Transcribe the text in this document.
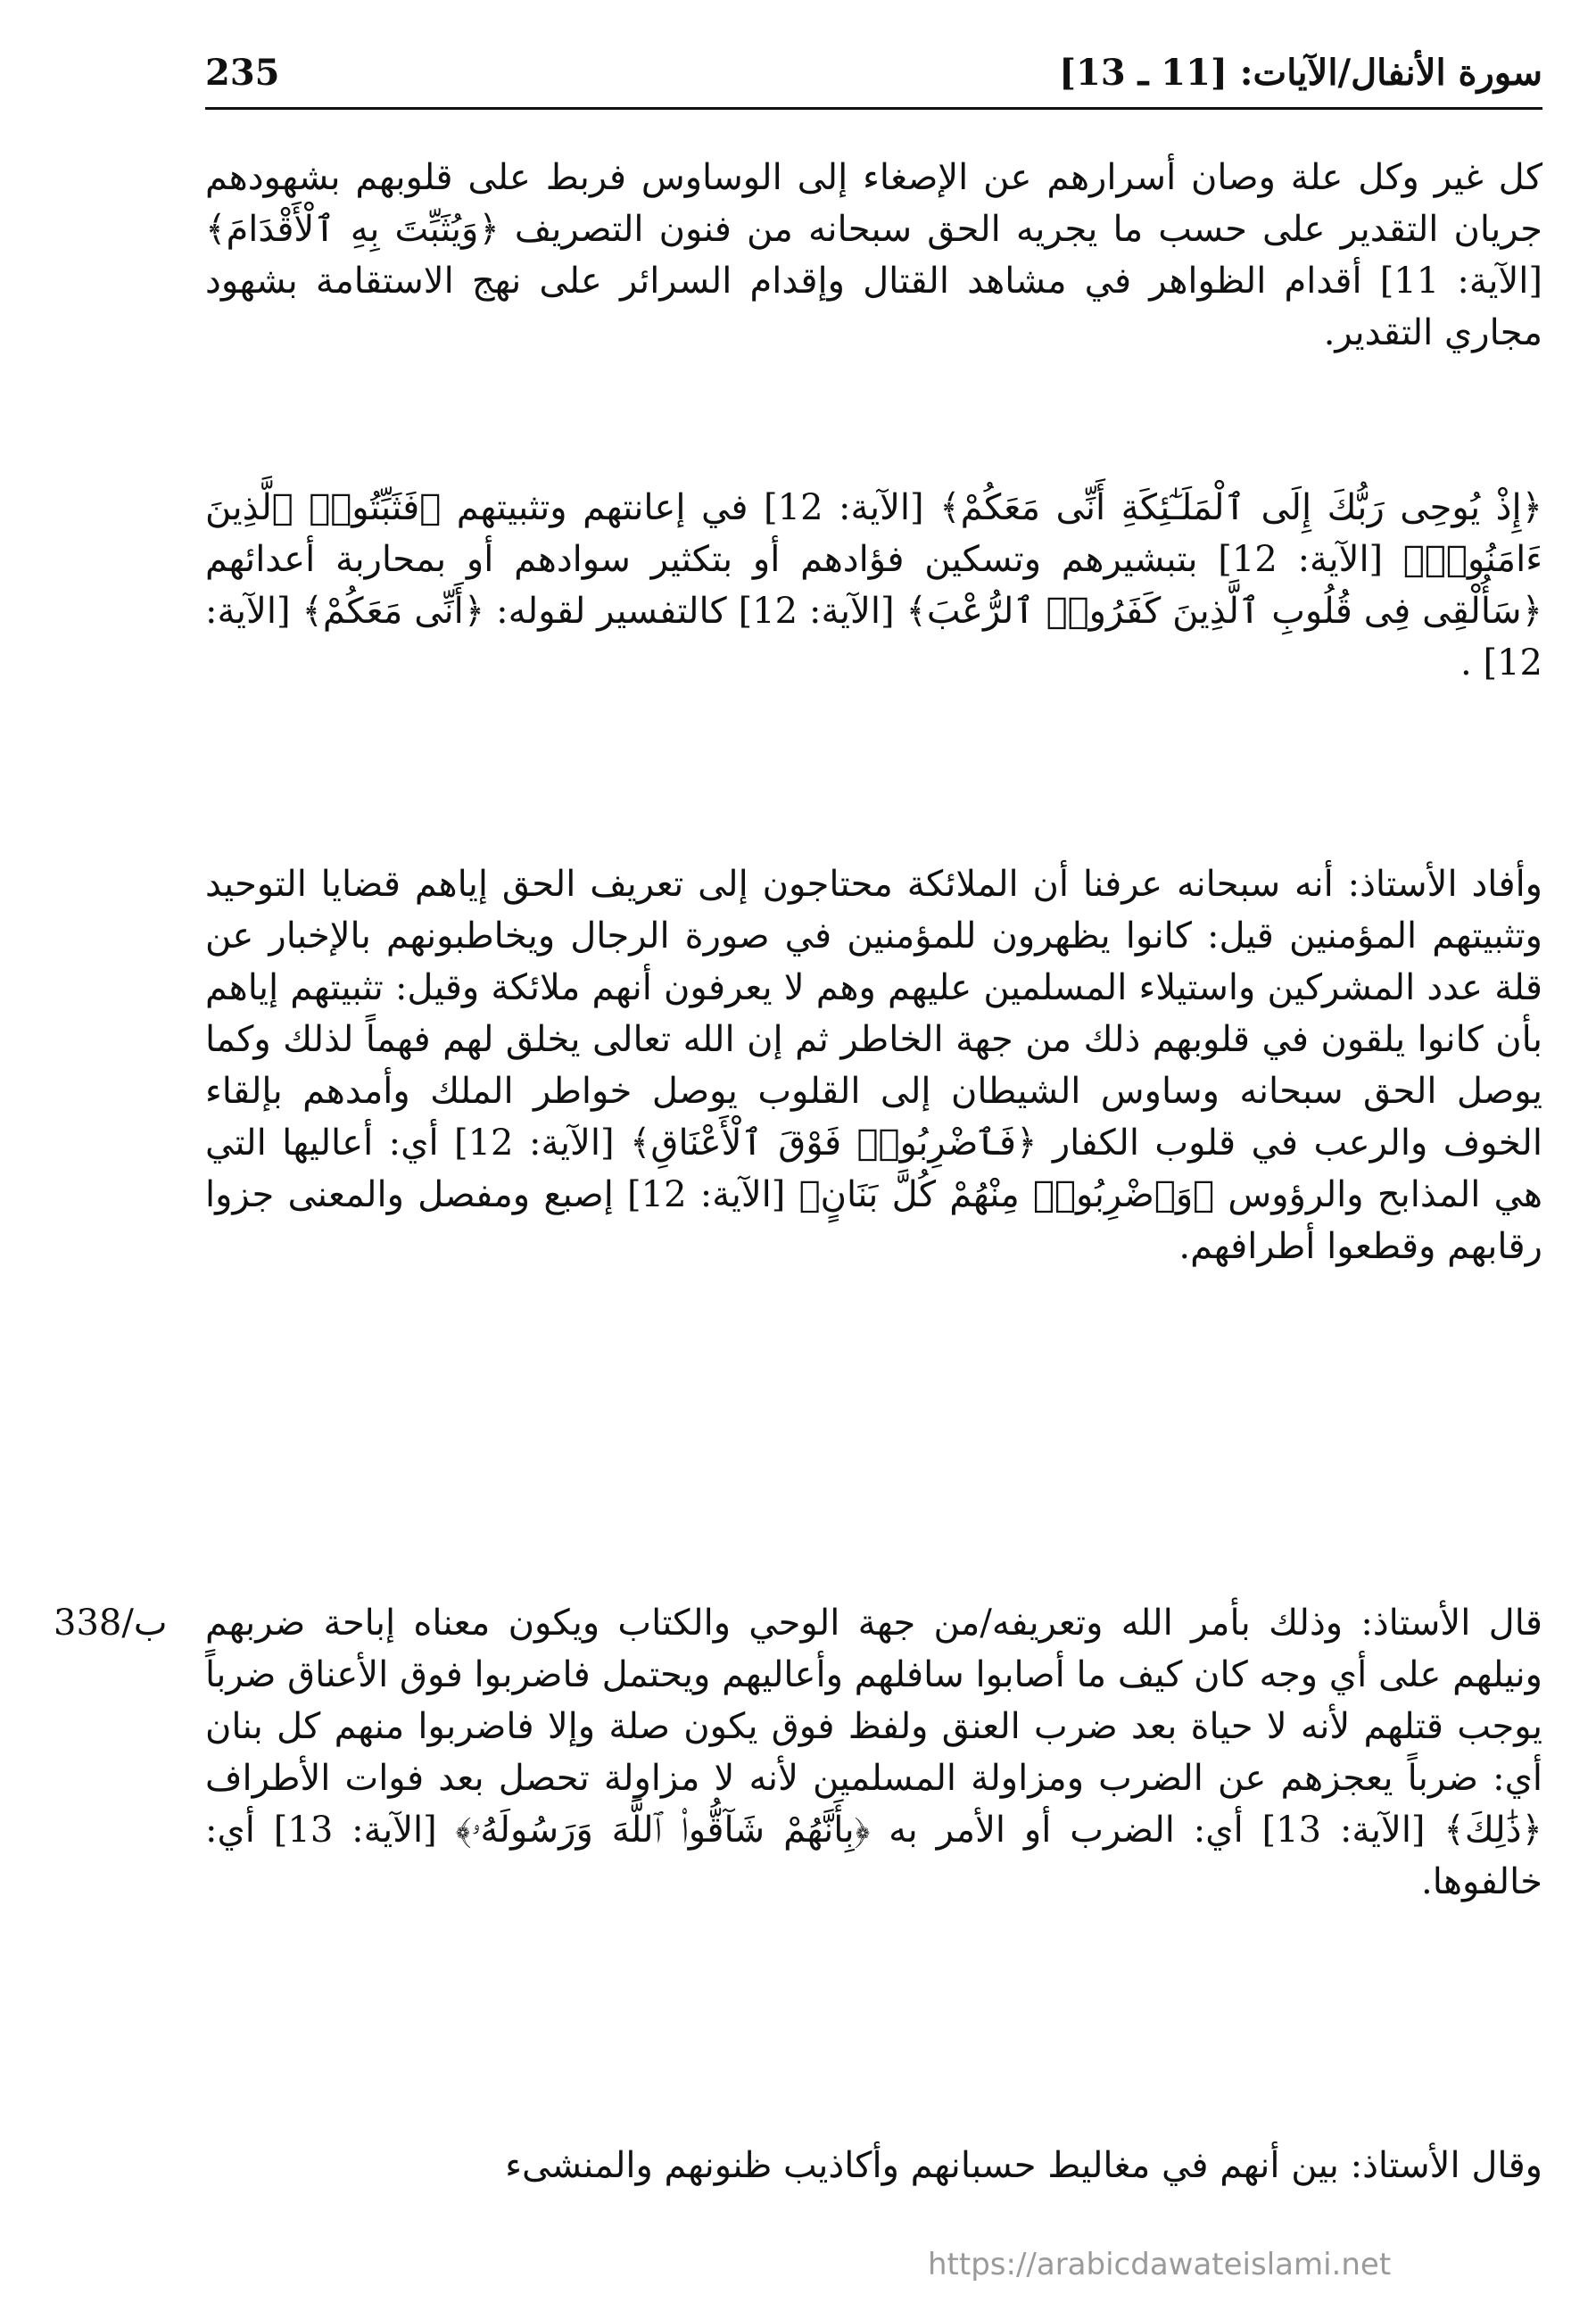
سورة الأنفال/الآيات: [11 ـ 13]
235

كل غير وكل علة وصان أسرارهم عن الإصغاء إلى الوساوس فربط على قلوبهم بشهودهم جريان التقدير على حسب ما يجريه الحق سبحانه من فنون التصريف ﴿وَيُثَبِّتَ بِهِ ٱلْأَقْدَامَ﴾ [الآية: 11] أقدام الظواهر في مشاهد القتال وإقدام السرائر على نهج الاستقامة بشهود مجاري التقدير.

﴿إِذْ يُوحِى رَبُّكَ إِلَى ٱلْمَلَـٰٓئِكَةِ أَنِّى مَعَكُمْ﴾ [الآية: 12] في إعانتهم وتثبيتهم ﴿فَثَبِّتُوا۟ ٱلَّذِينَ ءَامَنُوا۟﴾ [الآية: 12] بتبشيرهم وتسكين فؤادهم أو بتكثير سوادهم أو بمحاربة أعدائهم ﴿سَأُلْقِى فِى قُلُوبِ ٱلَّذِينَ كَفَرُوا۟ ٱلرُّعْبَ﴾ [الآية: 12] كالتفسير لقوله: ﴿أَنِّى مَعَكُمْ﴾ [الآية: 12] .

وأفاد الأستاذ: أنه سبحانه عرفنا أن الملائكة محتاجون إلى تعريف الحق إياهم قضايا التوحيد وتثبيتهم المؤمنين قيل: كانوا يظهرون للمؤمنين في صورة الرجال ويخاطبونهم بالإخبار عن قلة عدد المشركين واستيلاء المسلمين عليهم وهم لا يعرفون أنهم ملائكة وقيل: تثبيتهم إياهم بأن كانوا يلقون في قلوبهم ذلك من جهة الخاطر ثم إن الله تعالى يخلق لهم فهماً لذلك وكما يوصل الحق سبحانه وساوس الشيطان إلى القلوب يوصل خواطر الملك وأمدهم بإلقاء الخوف والرعب في قلوب الكفار ﴿فَٱضْرِبُوا۟ فَوْقَ ٱلْأَعْنَاقِ﴾ [الآية: 12] أي: أعاليها التي هي المذابح والرؤوس ﴿وَٱضْرِبُوا۟ مِنْهُمْ كُلَّ بَنَانٍ﴾ [الآية: 12] إصبع ومفصل والمعنى جزوا رقابهم وقطعوا أطرافهم.

قال الأستاذ: وذلك بأمر الله وتعريفه/من جهة الوحي والكتاب ويكون معناه إباحة ضربهم ونيلهم على أي وجه كان كيف ما أصابوا سافلهم وأعاليهم ويحتمل فاضربوا فوق الأعناق ضرباً يوجب قتلهم لأنه لا حياة بعد ضرب العنق ولفظ فوق يكون صلة وإلا فاضربوا منهم كل بنان أي: ضرباً يعجزهم عن الضرب ومزاولة المسلمين لأنه لا مزاولة تحصل بعد فوات الأطراف ﴿ذَٰلِكَ﴾ [الآية: 13] أي: الضرب أو الأمر به ﴿بِأَنَّهُمْ شَآقُّوا۟ ٱللَّهَ وَرَسُولَهُۥ﴾ [الآية: 13] أي: خالفوها.

وقال الأستاذ: بين أنهم في مغاليط حسبانهم وأكاذيب ظنونهم والمنشىء

338/ب
https://arabicdawateislami.net
